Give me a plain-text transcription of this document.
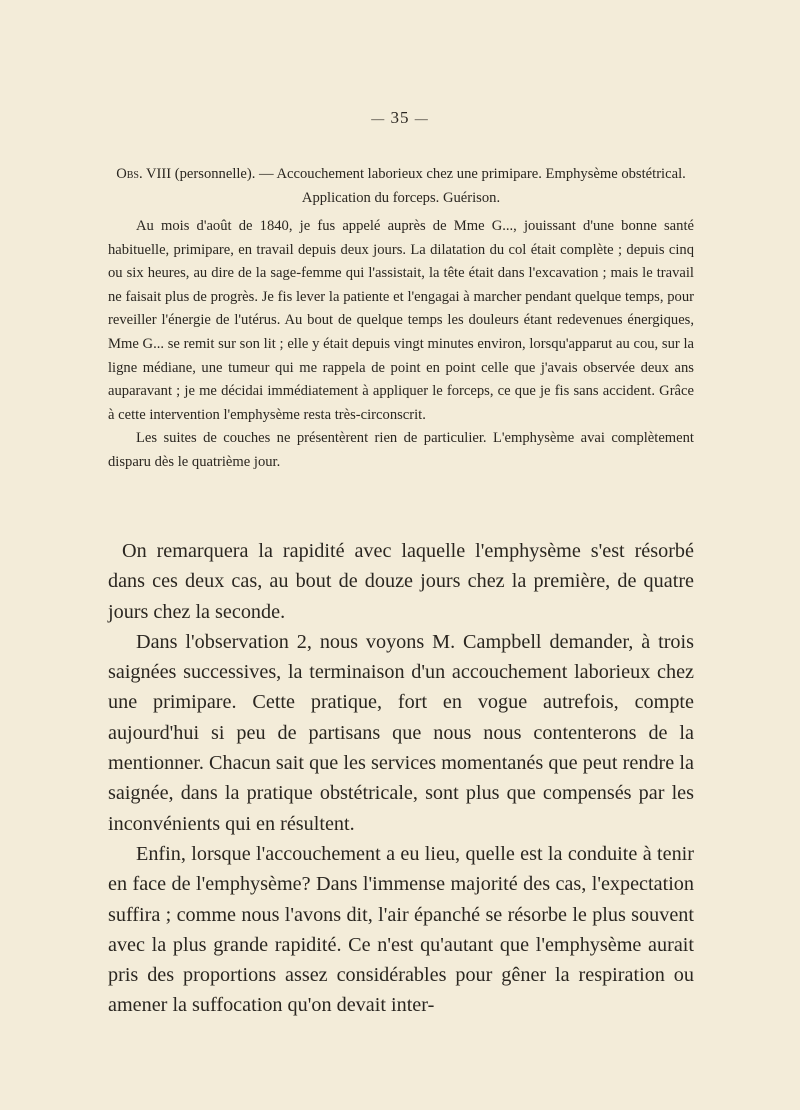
— 35 —
Obs. VIII (personnelle). — Accouchement laborieux chez une primipare. Emphysème obstétrical. Application du forceps. Guérison.

Au mois d'août de 1840, je fus appelé auprès de Mme G..., jouissant d'une bonne santé habituelle, primipare, en travail depuis deux jours. La dilatation du col était complète ; depuis cinq ou six heures, au dire de la sage-femme qui l'assistait, la tête était dans l'excavation ; mais le travail ne faisait plus de progrès. Je fis lever la patiente et l'engagai à marcher pendant quelque temps, pour reveiller l'énergie de l'utérus. Au bout de quelque temps les douleurs étant redevenues énergiques, Mme G... se remit sur son lit ; elle y était depuis vingt minutes environ, lorsqu'apparut au cou, sur la ligne médiane, une tumeur qui me rappela de point en point celle que j'avais observée deux ans auparavant ; je me décidai immédiatement à appliquer le forceps, ce que je fis sans accident. Grâce à cette intervention l'emphysème resta très-circonscrit.

Les suites de couches ne présentèrent rien de particulier. L'emphysème avai complètement disparu dès le quatrième jour.

On remarquera la rapidité avec laquelle l'emphysème s'est résorbé dans ces deux cas, au bout de douze jours chez la première, de quatre jours chez la seconde.

Dans l'observation 2, nous voyons M. Campbell demander, à trois saignées successives, la terminaison d'un accouchement laborieux chez une primipare. Cette pratique, fort en vogue autrefois, compte aujourd'hui si peu de partisans que nous nous contenterons de la mentionner. Chacun sait que les services momentanés que peut rendre la saignée, dans la pratique obstétricale, sont plus que compensés par les inconvénients qui en résultent.

Enfin, lorsque l'accouchement a eu lieu, quelle est la conduite à tenir en face de l'emphysème? Dans l'immense majorité des cas, l'expectation suffira ; comme nous l'avons dit, l'air épanché se résorbe le plus souvent avec la plus grande rapidité. Ce n'est qu'autant que l'emphysème aurait pris des proportions assez considérables pour gêner la respiration ou amener la suffocation qu'on devait inter-
